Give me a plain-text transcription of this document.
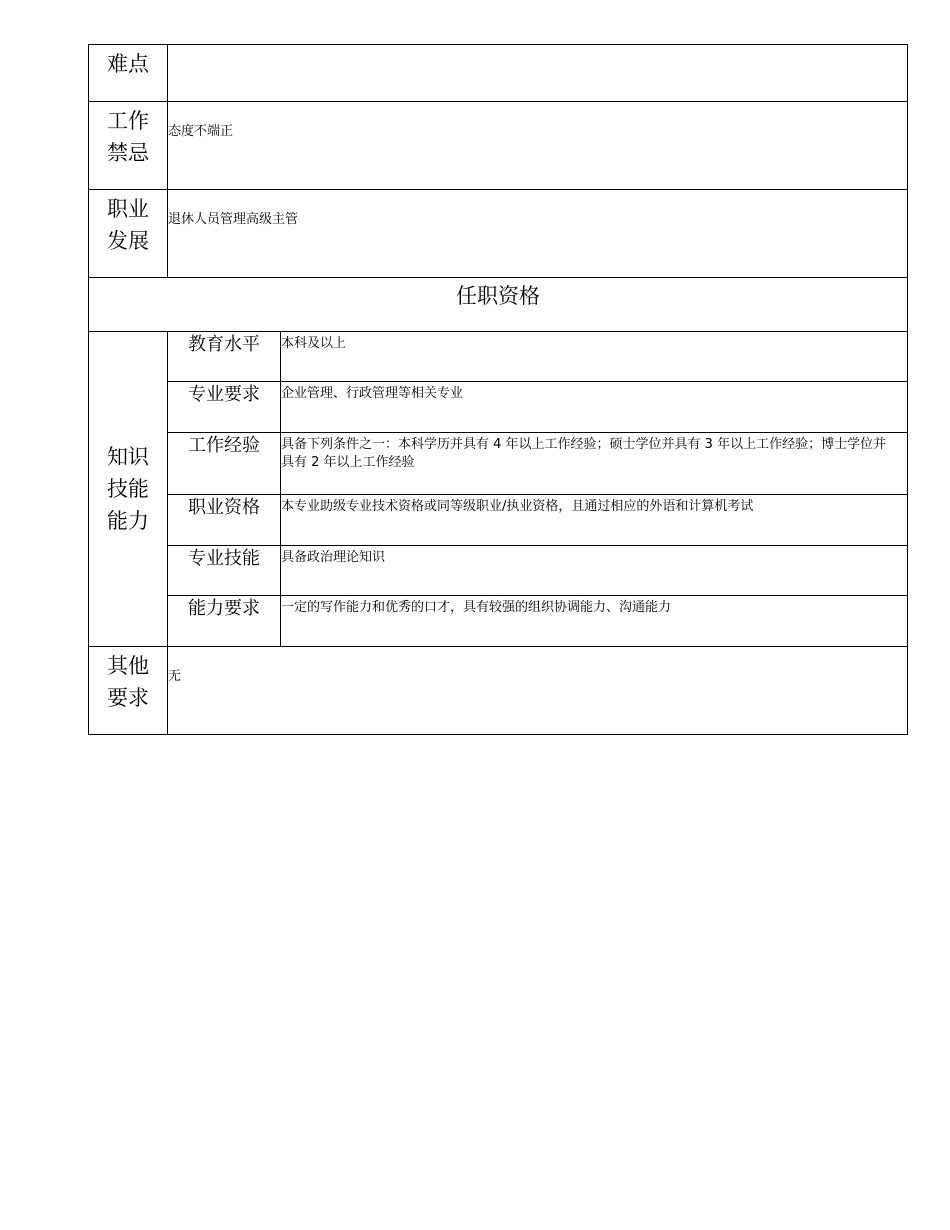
难点		

工作
禁忌	态度不端正	

职业
发展	退休人员管理高级主管	
任职资格		

知识
技能
能力	教育水平	本科及以上
	专业要求	企业管理、行政管理等相关专业
	工作经验	具备下列条件之一：本科学历并具有 4 年以上工作经验；硕士学位并具有 3 年以上工作经验；博士学位并具有 2 年以上工作经验
	职业资格	本专业助级专业技术资格或同等级职业/执业资格，且通过相应的外语和计算机考试
	专业技能	具备政治理论知识
	能力要求	一定的写作能力和优秀的口才，具有较强的组织协调能力、沟通能力

其他
要求	无	
